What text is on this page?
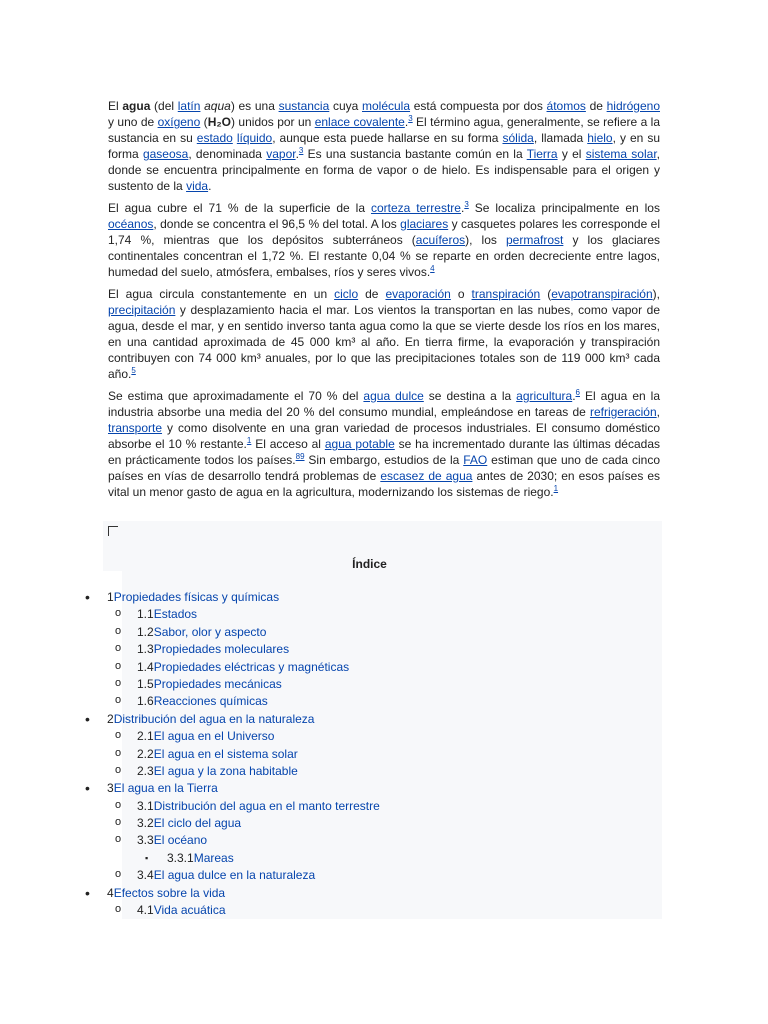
El agua (del latín aqua) es una sustancia cuya molécula está compuesta por dos átomos de hidrógeno y uno de oxígeno (H₂O) unidos por un enlace covalente.$^3$ El término agua, generalmente, se refiere a la sustancia en su estado líquido, aunque esta puede hallarse en su forma sólida, llamada hielo, y en su forma gaseosa, denominada vapor.$^3$ Es una sustancia bastante común en la Tierra y el sistema solar, donde se encuentra principalmente en forma de vapor o de hielo. Es indispensable para el origen y sustento de la vida.

El agua cubre el 71 % de la superficie de la corteza terrestre.$^3$ Se localiza principalmente en los océanos, donde se concentra el 96,5 % del total. A los glaciares y casquetes polares les corresponde el 1,74 %, mientras que los depósitos subterráneos (acuíferos), los permafrost y los glaciares continentales concentran el 1,72 %. El restante 0,04 % se reparte en orden decreciente entre lagos, humedad del suelo, atmósfera, embalses, ríos y seres vivos.$^4$

El agua circula constantemente en un ciclo de evaporación o transpiración (evapotranspiración), precipitación y desplazamiento hacia el mar. Los vientos la transportan en las nubes, como vapor de agua, desde el mar, y en sentido inverso tanta agua como la que se vierte desde los ríos en los mares, en una cantidad aproximada de 45 000 km³ al año. En tierra firme, la evaporación y transpiración contribuyen con 74 000 km³ anuales, por lo que las precipitaciones totales son de 119 000 km³ cada año.$^5$

Se estima que aproximadamente el 70 % del agua dulce se destina a la agricultura.$^6$ El agua en la industria absorbe una media del 20 % del consumo mundial, empleándose en tareas de refrigeración, transporte y como disolvente en una gran variedad de procesos industriales. El consumo doméstico absorbe el 10 % restante.$^1$ El acceso al agua potable se ha incrementado durante las últimas décadas en prácticamente todos los países.$^{89}$ Sin embargo, estudios de la FAO estiman que uno de cada cinco países en vías de desarrollo tendrá problemas de escasez de agua antes de 2030; en esos países es vital un menor gasto de agua en la agricultura, modernizando los sistemas de riego.$^1$

Índice
• 1Propiedades físicas y químicas
o 1.1Estados
o 1.2Sabor, olor y aspecto
o 1.3Propiedades moleculares
o 1.4Propiedades eléctricas y magnéticas
o 1.5Propiedades mecánicas
o 1.6Reacciones químicas
• 2Distribución del agua en la naturaleza
o 2.1El agua en el Universo
o 2.2El agua en el sistema solar
o 2.3El agua y la zona habitable
• 3El agua en la Tierra
o 3.1Distribución del agua en el manto terrestre
o 3.2El ciclo del agua
o 3.3El océano
▪ 3.3.1Mareas
o 3.4El agua dulce en la naturaleza
• 4Efectos sobre la vida
o 4.1Vida acuática
